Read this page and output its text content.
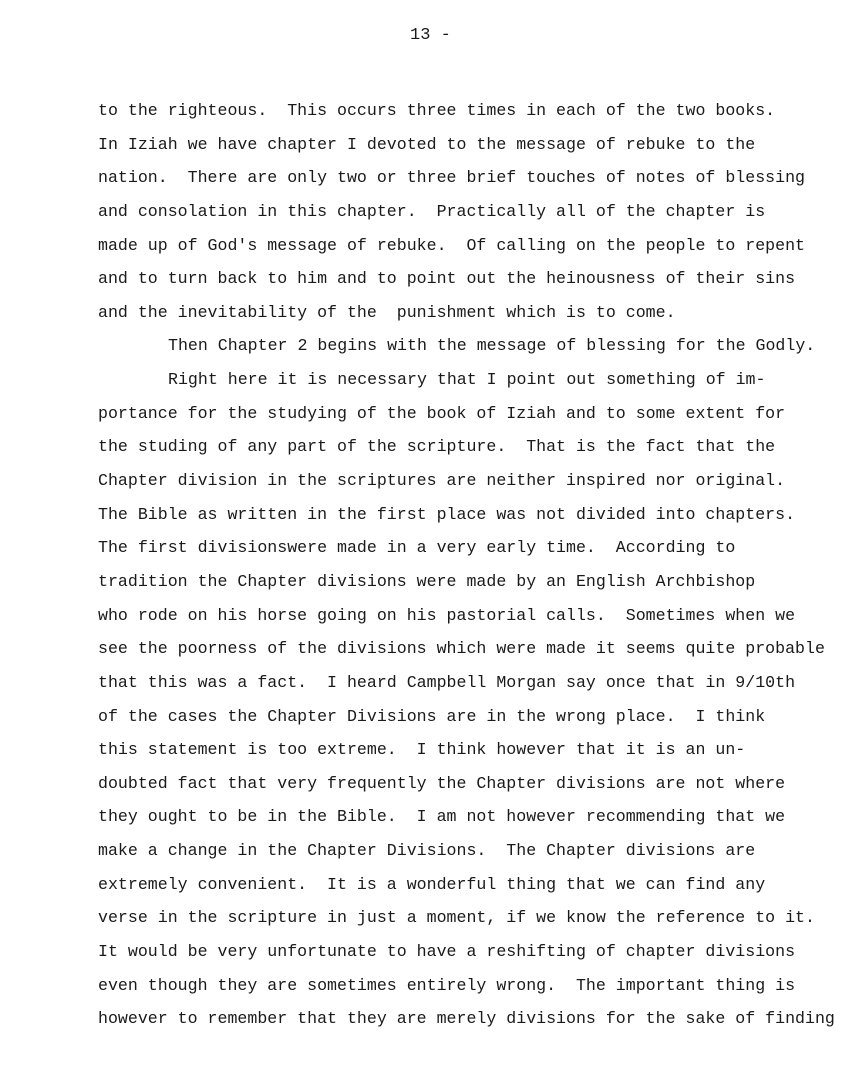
13 -
to the righteous.  This occurs three times in each of the two books.
In Iziah we have chapter I devoted to the message of rebuke to the
nation.  There are only two or three brief touches of notes of blessing
and consolation in this chapter.  Practically all of the chapter is
made up of God's message of rebuke.  Of calling on the people to repent
and to turn back to him and to point out the heinousness of their sins
and the inevitability of the  punishment which is to come.
Then Chapter 2 begins with the message of blessing for the Godly.
Right here it is necessary that I point out something of im-
portance for the studying of the book of Iziah and to some extent for
the studing of any part of the scripture.  That is the fact that the
Chapter division in the scriptures are neither inspired nor original.
The Bible as written in the first place was not divided into chapters.
The first divisionswere made in a very early time.  According to
tradition the Chapter divisions were made by an English Archbishop
who rode on his horse going on his pastorial calls.  Sometimes when we
see the poorness of the divisions which were made it seems quite probable
that this was a fact.  I heard Campbell Morgan say once that in 9/10th
of the cases the Chapter Divisions are in the wrong place.  I think
this statement is too extreme.  I think however that it is an un-
doubted fact that very frequently the Chapter divisions are not where
they ought to be in the Bible.  I am not however recommending that we
make a change in the Chapter Divisions.  The Chapter divisions are
extremely convenient.  It is a wonderful thing that we can find any
verse in the scripture in just a moment, if we know the reference to it.
It would be very unfortunate to have a reshifting of chapter divisions
even though they are sometimes entirely wrong.  The important thing is
however to remember that they are merely divisions for the sake of finding
